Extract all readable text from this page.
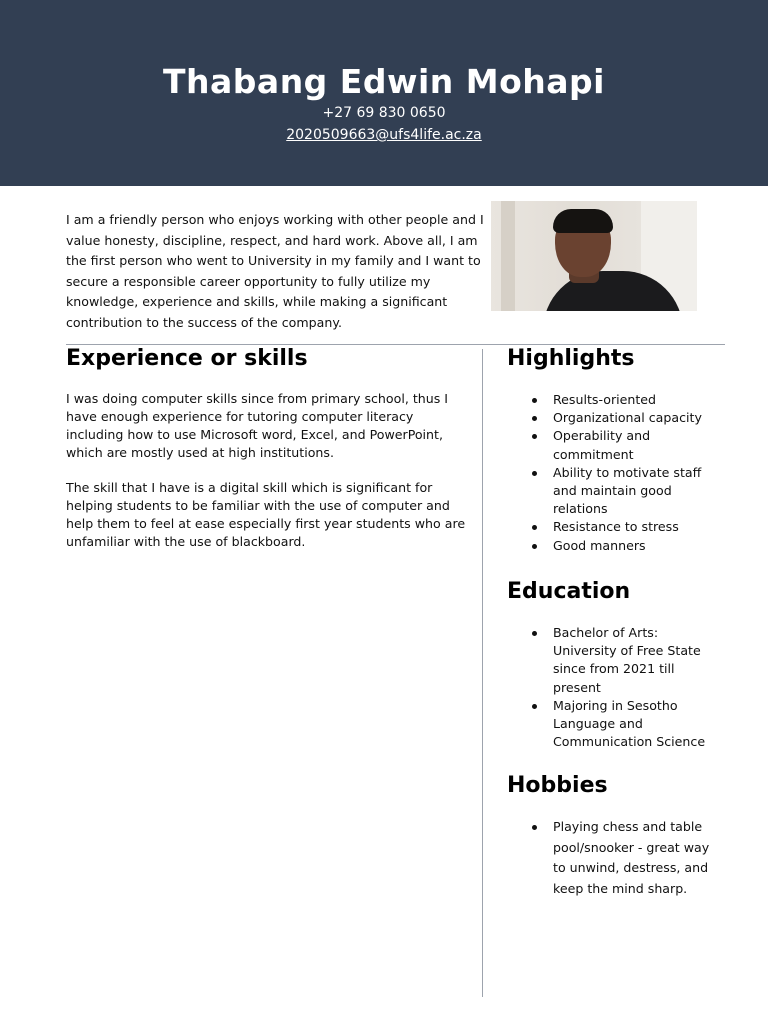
Thabang Edwin Mohapi
+27 69 830 0650
2020509663@ufs4life.ac.za
I am a friendly person who enjoys working with other people and I value honesty, discipline, respect, and hard work. Above all, I am the first person who went to University in my family and I want to secure a responsible career opportunity to fully utilize my knowledge, experience and skills, while making a significant contribution to the success of the company.
Experience or skills
I was doing computer skills since from primary school, thus I have enough experience for tutoring computer literacy including how to use Microsoft word, Excel, and PowerPoint, which are mostly used at high institutions.
The skill that I have is a digital skill which is significant for helping students to be familiar with the use of computer and help them to feel at ease especially first year students who are unfamiliar with the use of blackboard.
Highlights
Results-oriented
Organizational capacity
Operability and commitment
Ability to motivate staff and maintain good relations
Resistance to stress
Good manners
Education
Bachelor of Arts: University of Free State since from 2021 till present
Majoring in Sesotho Language and Communication Science
Hobbies
Playing chess and table pool/snooker - great way to unwind, destress, and keep the mind sharp.
